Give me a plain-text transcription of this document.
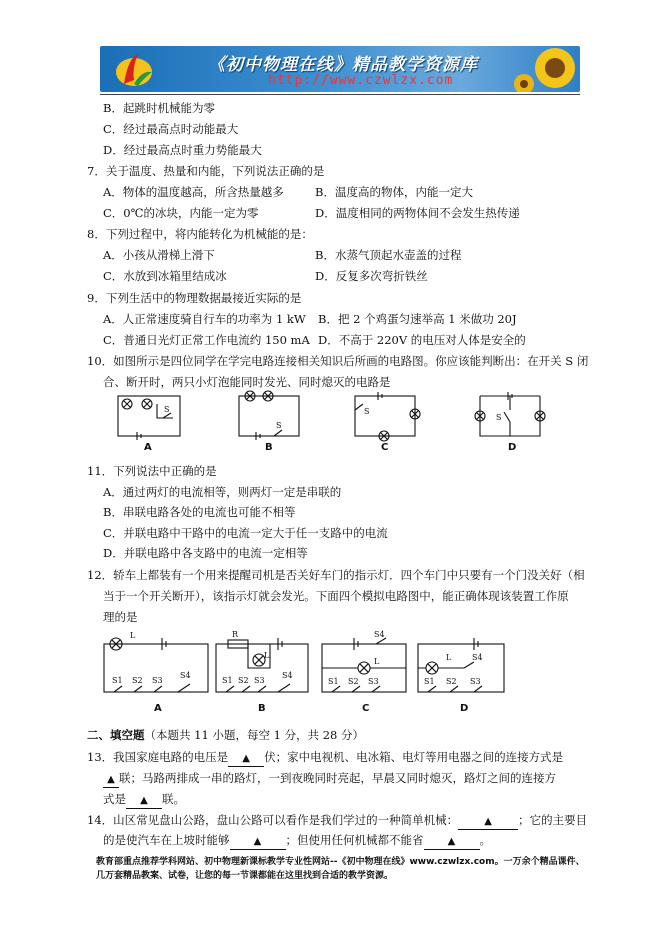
《初中物理在线》精品教学资源库
http://www.czwlzx.com
B．起跳时机械能为零
C．经过最高点时动能最大
D．经过最高点时重力势能最大
7．关于温度、热量和内能，下列说法正确的是
A．物体的温度越高，所含热量越多	B．温度高的物体，内能一定大
C．0℃的冰块，内能一定为零	D．温度相同的两物体间不会发生热传递
8．下列过程中，将内能转化为机械能的是：
A．小孩从滑梯上滑下	B．水蒸气顶起水壶盖的过程
C．水放到冰箱里结成冰	D．反复多次弯折铁丝
9．下列生活中的物理数据最接近实际的是
A．人正常速度骑自行车的功率为 1 kW B．把 2 个鸡蛋匀速举高 1 米做功 20J
C．普通日光灯正常工作电流约 150 mA D．不高于 220V 的电压对人体是安全的
10．如图所示是四位同学在学完电路连接相关知识后所画的电路图。你应该能判断出：在开关 S 闭
合、断开时，两只小灯泡能同时发光、同时熄灭的电路是
S
A
S
B
S
C
S
D
11．下列说法中正确的是
A．通过两灯的电流相等，则两灯一定是串联的
B．串联电路各处的电流也可能不相等
C．并联电路中干路中的电流一定大于任一支路中的电流
D．并联电路中各支路中的电流一定相等
12．轿车上都装有一个用来提醒司机是否关好车门的指示灯．四个车门中只要有一个门没关好（相
当于一个开关断开），该指示灯就会发光。下面四个模拟电路图中，能正确体现该装置工作原
理的是
L
S1 S2 S3
S4
A
R
L
S1 S2 S3
S4
B
S4
L
S1 S2 S3
C
L	S4
S1 S2 S3
D
二、填空题（本题共 11 小题，每空 1 分，共 28 分）
13．我国家庭电路的电压是 ▲ 伏；家中电视机、电冰箱、电灯等用电器之间的连接方式是
▲ 联；马路两排成一串的路灯，一到夜晚同时亮起，早晨又同时熄灭，路灯之间的连接方
式是 ▲ 联。
14．山区常见盘山公路，盘山公路可以看作是我们学过的一种简单机械：	▲ ；它的主要目
的是使汽车在上坡时能够 ▲ ；但使用任何机械都不能省 ▲ 。
教育部重点推荐学科网站、初中物理新课标教学专业性网站--《初中物理在线》www.czwlzx.com。一万余个精品课件、
几万套精品教案、试卷，让您的每一节课都能在这里找到合适的教学资源。
